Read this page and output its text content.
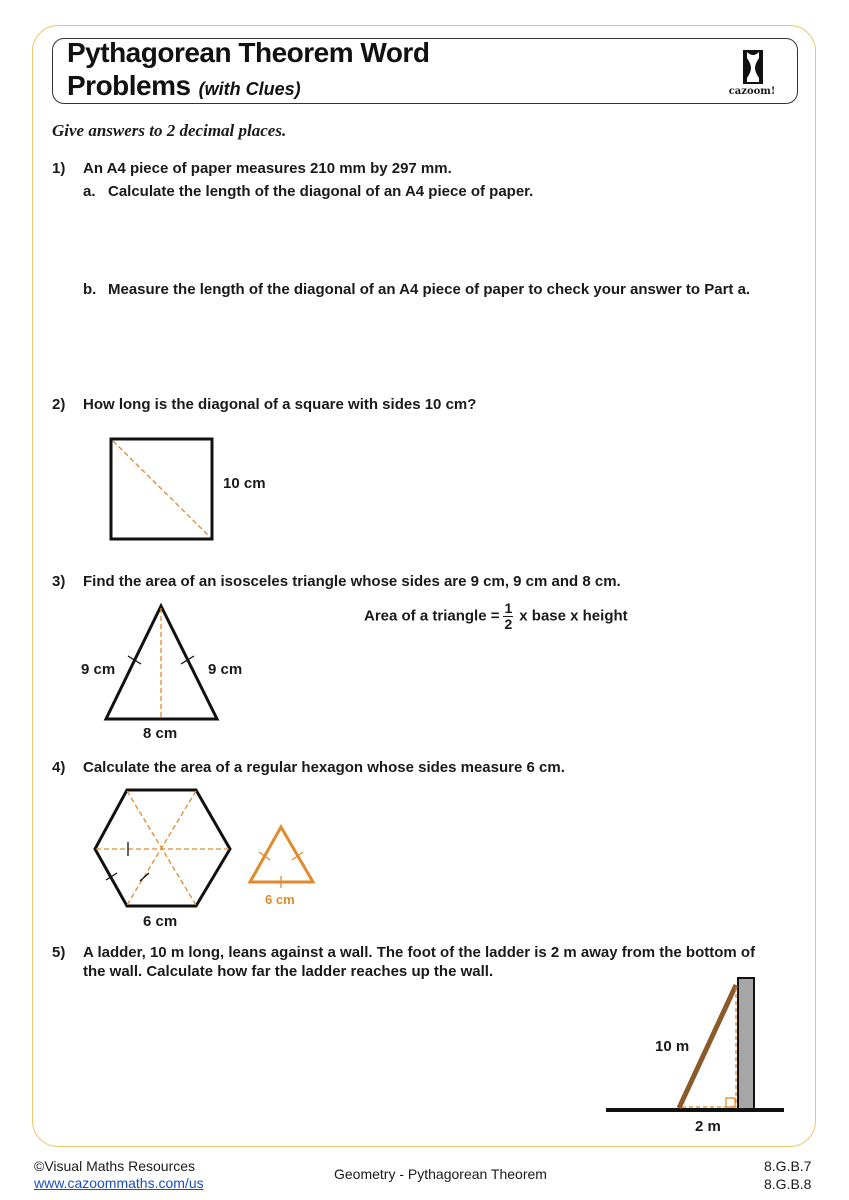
Pythagorean Theorem Word
Problems (with Clues)	cazoom!
Give answers to 2 decimal places.
1) An A4 piece of paper measures 210 mm by 297 mm.
a. Calculate the length of the diagonal of an A4 piece of paper.
b. Measure the length of the diagonal of an A4 piece of paper to check your answer to Part a.
2) How long is the diagonal of a square with sides 10 cm?
10 cm
3) Find the area of an isosceles triangle whose sides are 9 cm, 9 cm and 8 cm.
9 cm	9 cm
8 cm
Area of a triangle = $\frac{1}{2}$ x base x height
4) Calculate the area of a regular hexagon whose sides measure 6 cm.
6 cm
6 cm
5) A ladder, 10 m long, leans against a wall. The foot of the ladder is 2 m away from the bottom of
the wall. Calculate how far the ladder reaches up the wall.
10 m
2 m
©Visual Maths Resources
www.cazoommaths.com/us
Geometry - Pythagorean Theorem	8.G.B.7
8.G.B.8
